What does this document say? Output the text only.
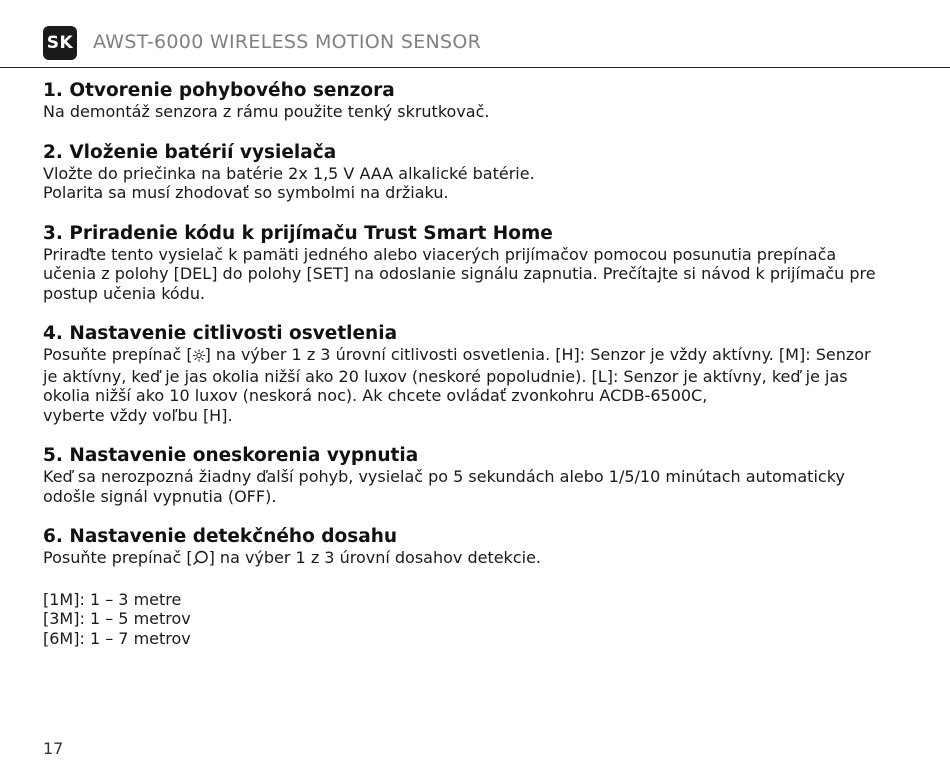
SK AWST-6000 WIRELESS MOTION SENSOR
1. Otvorenie pohybového senzora

Na demontáž senzora z rámu použite tenký skrutkovač.

2. Vloženie batérií vysielača

Vložte do priečinka na batérie 2x 1,5 V AAA alkalické batérie.
Polarita sa musí zhodovať so symbolmi na držiaku.

3. Priradenie kódu k prijímaču Trust Smart Home

Priraďte tento vysielač k pamäti jedného alebo viacerých prijímačov pomocou posunutia prepínača
učenia z polohy [DEL] do polohy [SET] na odoslanie signálu zapnutia. Prečítajte si návod k prijímaču pre
postup učenia kódu.

4. Nastavenie citlivosti osvetlenia

Posuňte prepínač [ ] na výber 1 z 3 úrovní citlivosti osvetlenia. [H]: Senzor je vždy aktívny. [M]: Senzor
je aktívny, keď je jas okolia nižší ako 20 luxov (neskoré popoludnie). [L]: Senzor je aktívny, keď je jas
okolia nižší ako 10 luxov (neskorá noc). Ak chcete ovládať zvonkohru ACDB-6500C,
vyberte vždy voľbu [H].

5. Nastavenie oneskorenia vypnutia

Keď sa nerozpozná žiadny ďalší pohyb, vysielač po 5 sekundách alebo 1/5/10 minútach automaticky
odošle signál vypnutia (OFF).

6. Nastavenie detekčného dosahu

Posuňte prepínač [ ] na výber 1 z 3 úrovní dosahov detekcie.

[1M]: 1 – 3 metre
[3M]: 1 – 5 metrov
[6M]: 1 – 7 metrov
17
